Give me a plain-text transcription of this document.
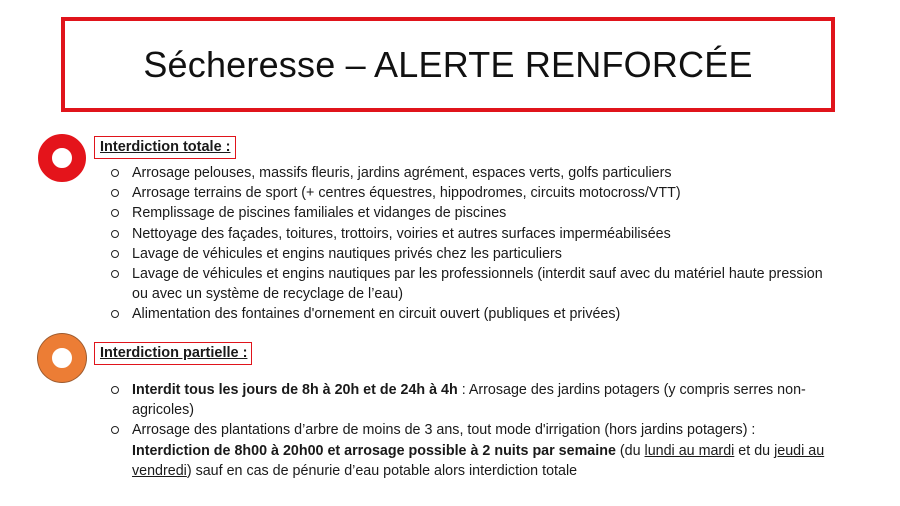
Sécheresse – ALERTE RENFORCÉE
Interdiction totale :
Arrosage pelouses, massifs fleuris, jardins agrément, espaces verts, golfs particuliers
Arrosage terrains de sport (+ centres équestres, hippodromes, circuits motocross/VTT)
Remplissage de piscines familiales et vidanges de piscines
Nettoyage des façades, toitures, trottoirs, voiries et autres surfaces imperméabilisées
Lavage de véhicules et engins nautiques privés chez les particuliers
Lavage de véhicules et engins nautiques par les professionnels (interdit sauf avec du matériel haute pression ou avec un système de recyclage de l’eau)
Alimentation des fontaines d'ornement en circuit ouvert (publiques et privées)
Interdiction partielle :
Interdit tous les jours de 8h à 20h et de 24h à 4h : Arrosage des jardins potagers (y compris serres non-agricoles)
Arrosage des plantations d’arbre de moins de 3 ans, tout mode d'irrigation (hors jardins potagers) : Interdiction de 8h00 à 20h00 et arrosage possible à 2 nuits par semaine (du lundi au mardi et du jeudi au vendredi) sauf en cas de pénurie d’eau potable alors interdiction totale
